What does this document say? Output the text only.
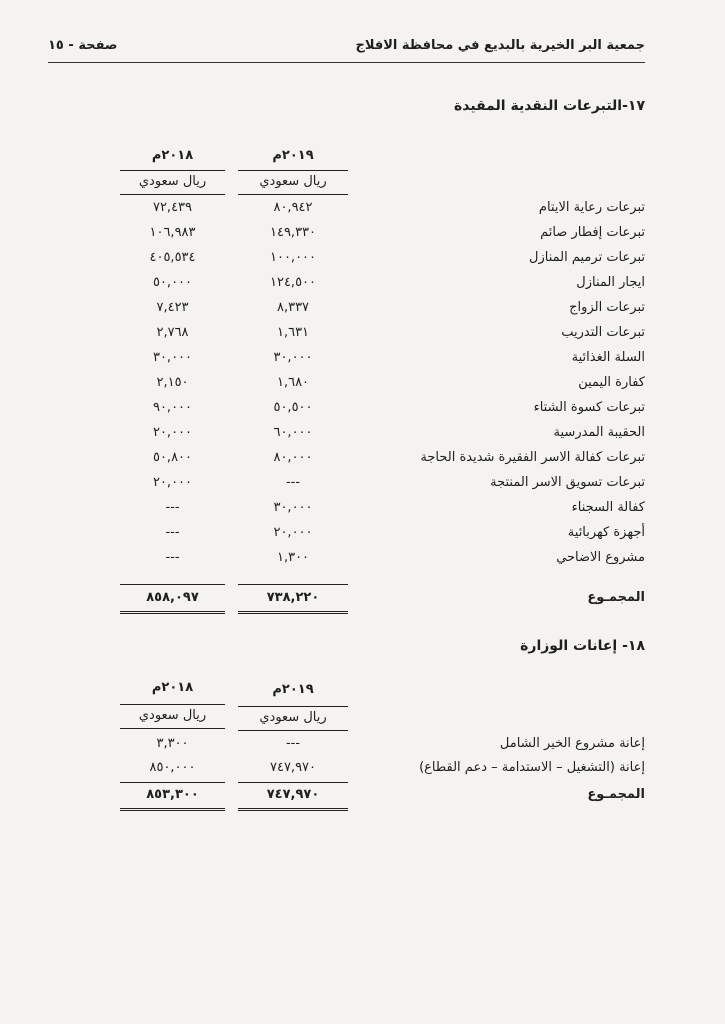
جمعية البر الخيرية بالبديع في محافظة الافلاج
صفحة - ١٥
١٧-التبرعات النقدية المقيدة
٢٠١٩م
٢٠١٨م
ريال سعودي
ريال سعودي
تبرعات رعاية الايتام
٨٠,٩٤٢
٧٢,٤٣٩
تبرعات إفطار صائم
١٤٩,٣٣٠
١٠٦,٩٨٣
تبرعات ترميم المنازل
١٠٠,٠٠٠
٤٠٥,٥٣٤
ايجار المنازل
١٢٤,٥٠٠
٥٠,٠٠٠
تبرعات الزواج
٨,٣٣٧
٧,٤٢٣
تبرعات التدريب
١,٦٣١
٢,٧٦٨
السلة الغذائية
٣٠,٠٠٠
٣٠,٠٠٠
كفارة اليمين
١,٦٨٠
٢,١٥٠
تبرعات كسوة الشتاء
٥٠,٥٠٠
٩٠,٠٠٠
الحقيبة المدرسية
٦٠,٠٠٠
٢٠,٠٠٠
تبرعات كفالة الاسر الفقيرة شديدة الحاجة
٨٠,٠٠٠
٥٠,٨٠٠
تبرعات تسويق الاسر المنتجة
---
٢٠,٠٠٠
كفالة السجناء
٣٠,٠٠٠
---
أجهزة كهربائية
٢٠,٠٠٠
---
مشروع الاضاحي
١,٣٠٠
---
المجمـوع
٧٣٨,٢٢٠
٨٥٨,٠٩٧
١٨- إعانات الوزارة
٢٠١٩م
٢٠١٨م
ريال سعودي
ريال سعودي
إعانة مشروع الخير الشامل
---
٣,٣٠٠
إعانة (التشغيل – الاستدامة – دعم القطاع)
٧٤٧,٩٧٠
٨٥٠,٠٠٠
المجمـوع
٧٤٧,٩٧٠
٨٥٣,٣٠٠
